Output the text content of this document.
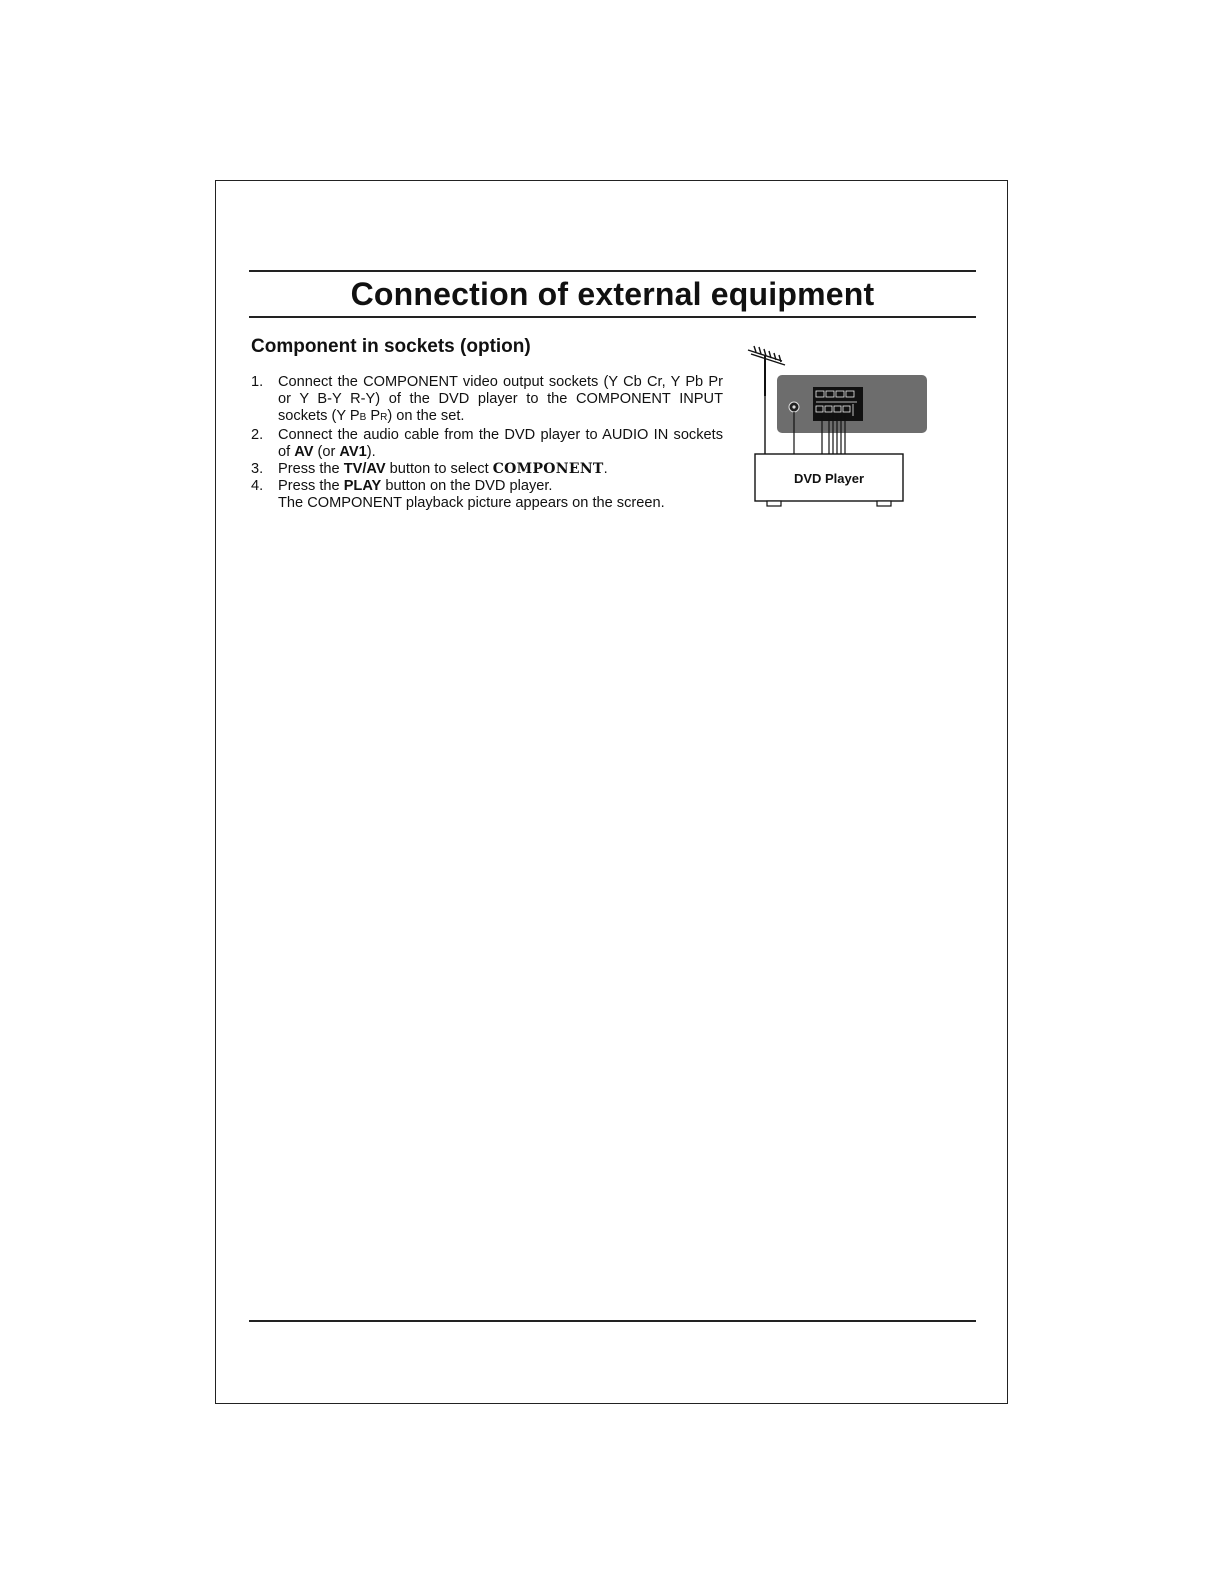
Connection of external equipment
Component in sockets (option)
1. Connect the COMPONENT video output sockets (Y Cb Cr, Y Pb Pr or Y B-Y R-Y) of the DVD player to the COMPONENT INPUT sockets (Y PB PR) on the set.
2. Connect the audio cable from the DVD player to AUDIO IN sockets of AV (or AV1).
3. Press the TV/AV button to select COMPONENT.
4. Press the PLAY button on the DVD player.
The COMPONENT playback picture appears on the screen.
DVD Player
